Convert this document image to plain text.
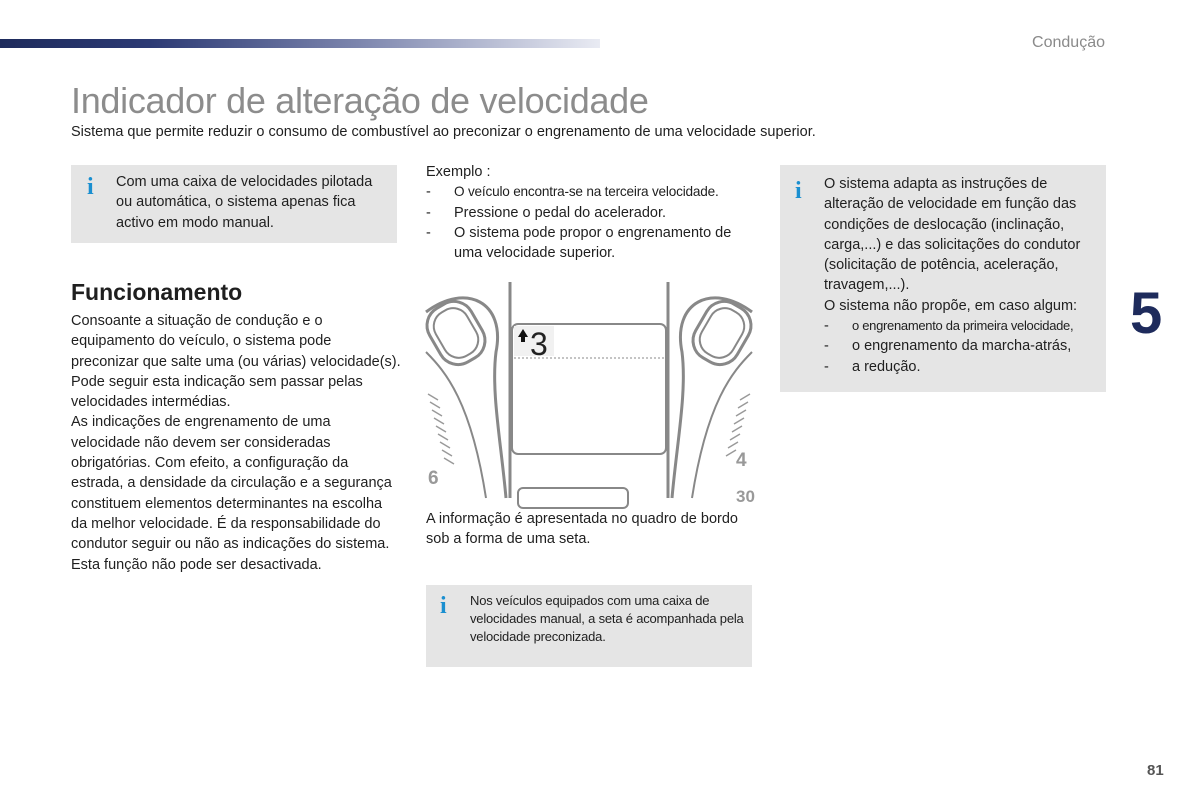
Condução
Indicador de alteração de velocidade
Sistema que permite reduzir o consumo de combustível ao preconizar o engrenamento de uma velocidade superior.
i Com uma caixa de velocidades pilotada ou automática, o sistema apenas fica activo em modo manual.
Funcionamento

Consoante a situação de condução e o equipamento do veículo, o sistema pode preconizar que salte uma (ou várias) velocidade(s). Pode seguir esta indicação sem passar pelas velocidades intermédias.

As indicações de engrenamento de uma velocidade não devem ser consideradas obrigatórias. Com efeito, a configuração da estrada, a densidade da circulação e a segurança constituem elementos determinantes na escolha da melhor velocidade. É da responsabilidade do condutor seguir ou não as indicações do sistema.

Esta função não pode ser desactivada.

Exemplo :
- O veículo encontra-se na terceira velocidade.
- Pressione o pedal do acelerador.
- O sistema pode propor o engrenamento de uma velocidade superior.
6
3
4
30
A informação é apresentada no quadro de bordo sob a forma de uma seta.
i Nos veículos equipados com uma caixa de velocidades manual, a seta é acompanhada pela velocidade preconizada.
i O sistema adapta as instruções de alteração de velocidade em função das condições de deslocação (inclinação, carga,...) e das solicitações do condutor (solicitação de potência, aceleração, travagem,...).
O sistema não propõe, em caso algum:
- o engrenamento da primeira velocidade,
- o engrenamento da marcha-atrás,
- a redução.
5
81
